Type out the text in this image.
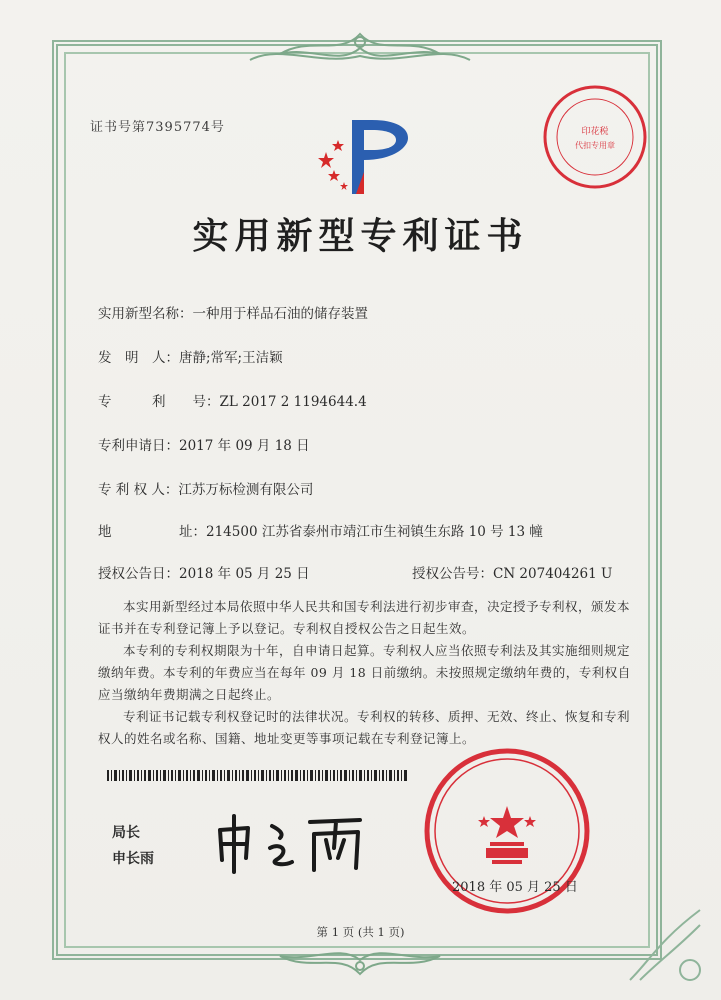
证书号第7395774号	印花税
代扣专用章
实用新型专利证书
实用新型名称：一种用于样品石油的储存装置
发　明　人：唐静;常军;王洁颖
专　　　利　　号：ZL 2017 2 1194644.4
专利申请日：2017 年 09 月 18 日
专 利 权 人：江苏万标检测有限公司
地　　　　　址：214500 江苏省泰州市靖江市生祠镇生东路 10 号 13 幢
授权公告日：2018 年 05 月 25 日	授权公告号：CN 207404261 U

本实用新型经过本局依照中华人民共和国专利法进行初步审查，决定授予专利权，颁发本证书并在专利登记簿上予以登记。专利权自授权公告之日起生效。

本专利的专利权期限为十年，自申请日起算。专利权人应当依照专利法及其实施细则规定缴纳年费。本专利的年费应当在每年 09 月 18 日前缴纳。未按照规定缴纳年费的，专利权自应当缴纳年费期满之日起终止。

专利证书记载专利权登记时的法律状况。专利权的转移、质押、无效、终止、恢复和专利权人的姓名或名称、国籍、地址变更等事项记载在专利登记簿上。

局长
申长雨
2018 年 05 月 25 日
第 1 页 (共 1 页)
